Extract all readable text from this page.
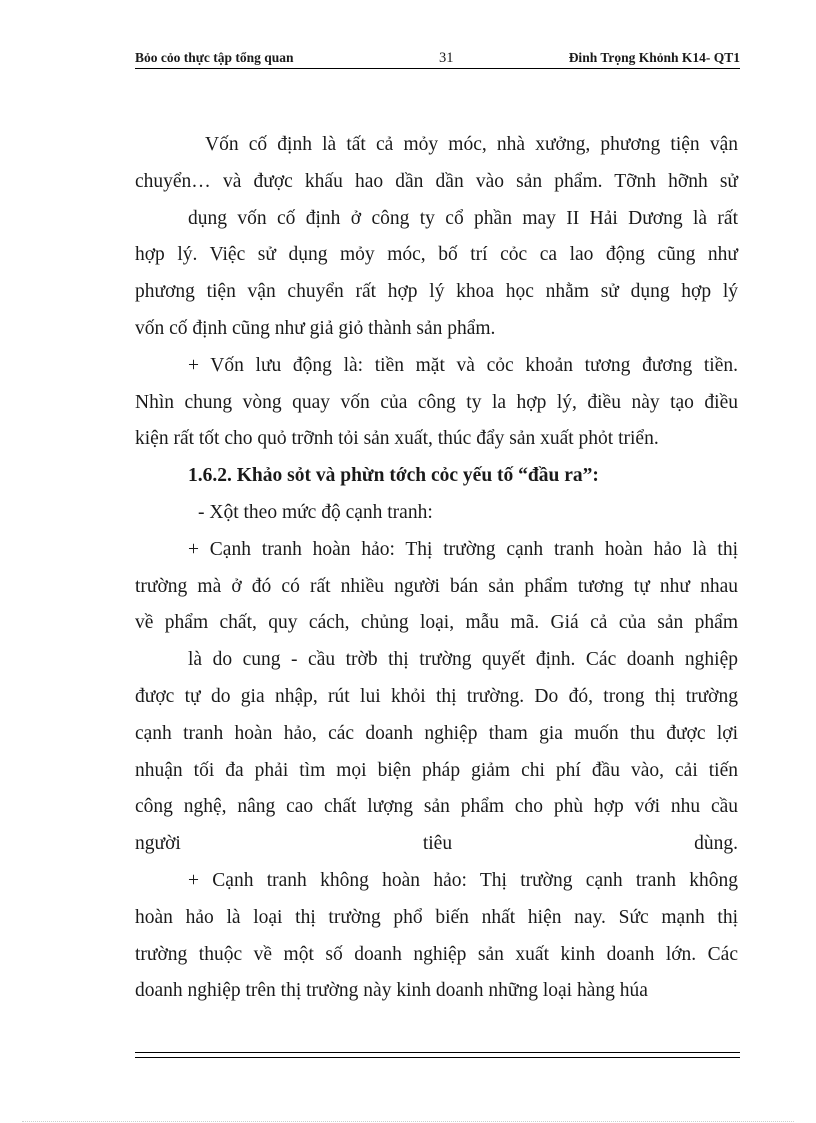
Bỏo cỏo thực tập tổng quan	31	Đinh Trọng Khỏnh K14- QT1
Vốn cố định là tất cả mỏy móc, nhà xưởng, phương tiện vận
chuyển… và được khấu hao dần dần vào sản phẩm. Tỡnh hỡnh sử
dụng vốn cố định ở công ty cổ phần may II Hải Dương là rất
hợp lý. Việc sử dụng mỏy móc, bố trí cỏc ca lao động cũng như
phương tiện vận chuyển rất hợp lý khoa học nhằm sử dụng hợp lý
vốn cố định cũng như giả giỏ thành sản phẩm.
+ Vốn lưu động là: tiền mặt và cỏc khoản tương đương tiền.
Nhìn chung vòng quay vốn của công ty la hợp lý, điều này tạo điều
kiện rất tốt cho quỏ trỡnh tỏi sản xuất, thúc đẩy sản xuất phỏt triển.
1.6.2. Khảo sỏt và phừn tớch cỏc yếu tố “đầu ra”:
- Xột theo mức độ cạnh tranh:
+ Cạnh tranh hoàn hảo: Thị trường cạnh tranh hoàn hảo là thị
trường mà ở đó có rất nhiều người bán sản phẩm tương tự như nhau
về phẩm chất, quy cách, chủng loại, mẫu mã. Giá cả của sản phẩm
là do cung - cầu trờb thị trường quyết định. Các doanh nghiệp
được tự do gia nhập, rút lui khỏi thị trường. Do đó, trong thị trường
cạnh tranh hoàn hảo, các doanh nghiệp tham gia muốn thu được lợi
nhuận tối đa phải tìm mọi biện pháp giảm chi phí đầu vào, cải tiến
công nghệ, nâng cao chất lượng sản phẩm cho phù hợp với nhu cầu
người tiêu dùng.
+ Cạnh tranh không hoàn hảo: Thị trường cạnh tranh không
hoàn hảo là loại thị trường phổ biến nhất hiện nay. Sức mạnh thị
trường thuộc về một số doanh nghiệp sản xuất kinh doanh lớn. Các
doanh nghiệp trên thị trường này kinh doanh những loại hàng húa
